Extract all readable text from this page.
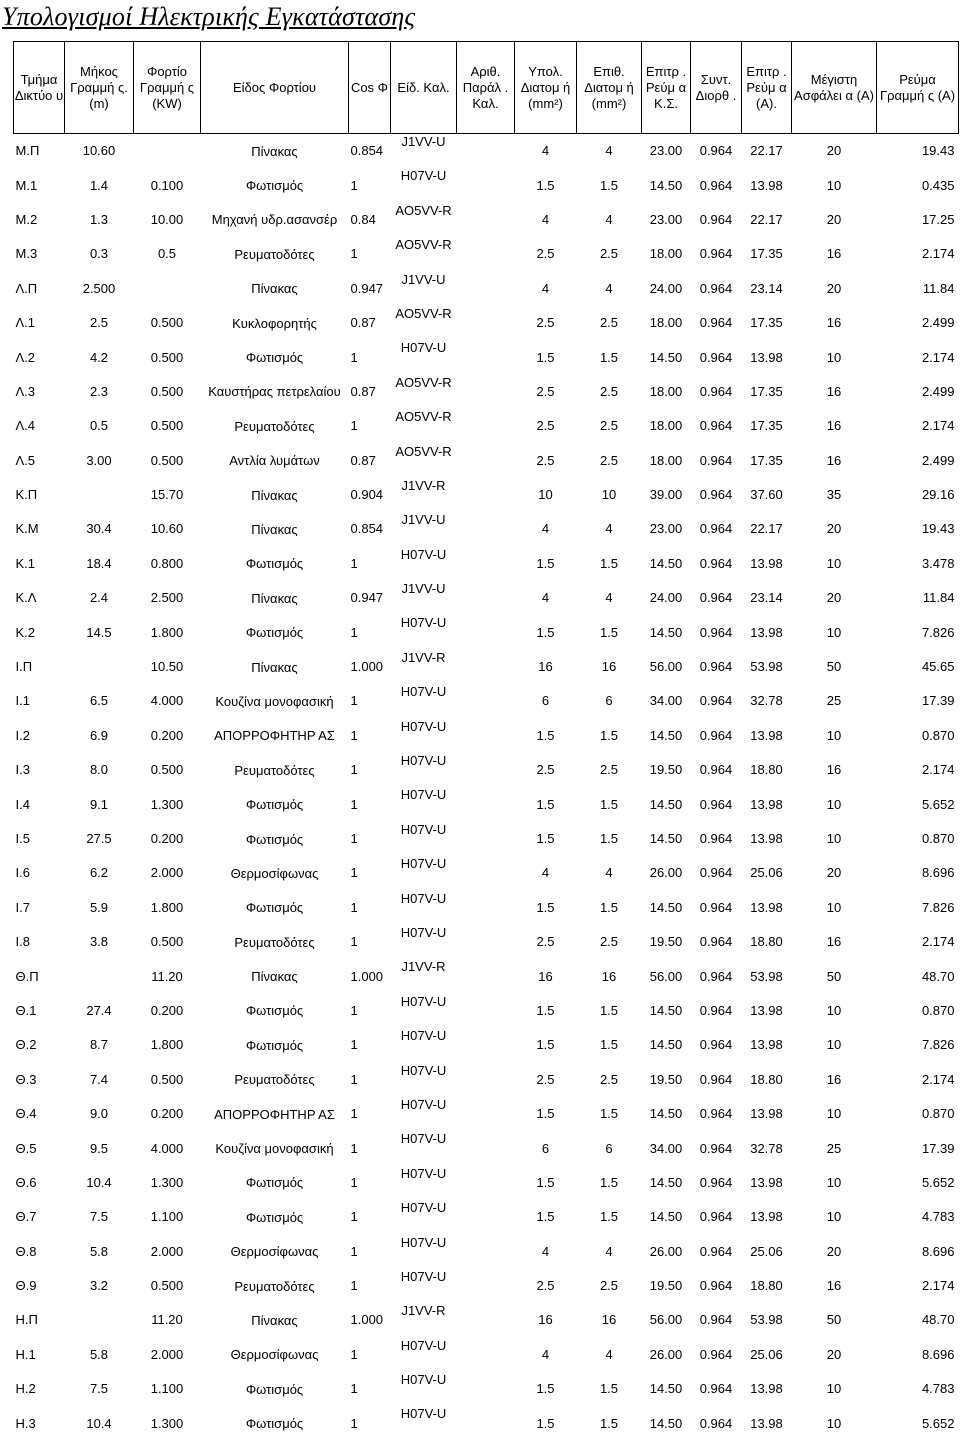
Υπολογισμοί Ηλεκτρικής Εγκατάστασης
Τμήμα Δικτύο υ	Μήκος Γραμμή ς. (m)	Φορτίο Γραμμή ς (KW)	Είδος Φορτίου	Cos Φ	Είδ. Καλ.	Αριθ. Παράλ . Καλ.	Υπολ. Διατομ ή (mm²)	Επιθ. Διατομ ή (mm²)	Επιτρ . Ρεύμ α Κ.Σ.	Συντ. Διορθ .	Επιτρ . Ρεύμ α (Α).	Μέγιστη Ασφάλει α (Α)	Ρεύμα Γραμμή ς (Α)
Μ.Π	10.60		Πίνακας	0.854	J1VV-U		4	4	23.00	0.964	22.17	20	19.43
Μ.1	1.4	0.100	Φωτισμός	1	H07V-U		1.5	1.5	14.50	0.964	13.98	10	0.435
Μ.2	1.3	10.00	Μηχανή υδρ.ασανσέρ	0.84	AO5VV-R		4	4	23.00	0.964	22.17	20	17.25
Μ.3	0.3	0.5	Ρευματοδότες	1	AO5VV-R		2.5	2.5	18.00	0.964	17.35	16	2.174
Λ.Π	2.500		Πίνακας	0.947	J1VV-U		4	4	24.00	0.964	23.14	20	11.84
Λ.1	2.5	0.500	Κυκλοφορητής	0.87	AO5VV-R		2.5	2.5	18.00	0.964	17.35	16	2.499
Λ.2	4.2	0.500	Φωτισμός	1	H07V-U		1.5	1.5	14.50	0.964	13.98	10	2.174
Λ.3	2.3	0.500	Καυστήρας πετρελαίου	0.87	AO5VV-R		2.5	2.5	18.00	0.964	17.35	16	2.499
Λ.4	0.5	0.500	Ρευματοδότες	1	AO5VV-R		2.5	2.5	18.00	0.964	17.35	16	2.174
Λ.5	3.00	0.500	Αντλία λυμάτων	0.87	AO5VV-R		2.5	2.5	18.00	0.964	17.35	16	2.499
Κ.Π		15.70	Πίνακας	0.904	J1VV-R		10	10	39.00	0.964	37.60	35	29.16
Κ.Μ	30.4	10.60	Πίνακας	0.854	J1VV-U		4	4	23.00	0.964	22.17	20	19.43
Κ.1	18.4	0.800	Φωτισμός	1	H07V-U		1.5	1.5	14.50	0.964	13.98	10	3.478
Κ.Λ	2.4	2.500	Πίνακας	0.947	J1VV-U		4	4	24.00	0.964	23.14	20	11.84
Κ.2	14.5	1.800	Φωτισμός	1	H07V-U		1.5	1.5	14.50	0.964	13.98	10	7.826
Ι.Π		10.50	Πίνακας	1.000	J1VV-R		16	16	56.00	0.964	53.98	50	45.65
Ι.1	6.5	4.000	Κουζίνα μονοφασική	1	H07V-U		6	6	34.00	0.964	32.78	25	17.39
Ι.2	6.9	0.200	ΑΠΟΡΡΟΦΗΤΗΡ ΑΣ	1	H07V-U		1.5	1.5	14.50	0.964	13.98	10	0.870
Ι.3	8.0	0.500	Ρευματοδότες	1	H07V-U		2.5	2.5	19.50	0.964	18.80	16	2.174
Ι.4	9.1	1.300	Φωτισμός	1	H07V-U		1.5	1.5	14.50	0.964	13.98	10	5.652
Ι.5	27.5	0.200	Φωτισμός	1	H07V-U		1.5	1.5	14.50	0.964	13.98	10	0.870
Ι.6	6.2	2.000	Θερμοσίφωνας	1	H07V-U		4	4	26.00	0.964	25.06	20	8.696
Ι.7	5.9	1.800	Φωτισμός	1	H07V-U		1.5	1.5	14.50	0.964	13.98	10	7.826
Ι.8	3.8	0.500	Ρευματοδότες	1	H07V-U		2.5	2.5	19.50	0.964	18.80	16	2.174
Θ.Π		11.20	Πίνακας	1.000	J1VV-R		16	16	56.00	0.964	53.98	50	48.70
Θ.1	27.4	0.200	Φωτισμός	1	H07V-U		1.5	1.5	14.50	0.964	13.98	10	0.870
Θ.2	8.7	1.800	Φωτισμός	1	H07V-U		1.5	1.5	14.50	0.964	13.98	10	7.826
Θ.3	7.4	0.500	Ρευματοδότες	1	H07V-U		2.5	2.5	19.50	0.964	18.80	16	2.174
Θ.4	9.0	0.200	ΑΠΟΡΡΟΦΗΤΗΡ ΑΣ	1	H07V-U		1.5	1.5	14.50	0.964	13.98	10	0.870
Θ.5	9.5	4.000	Κουζίνα μονοφασική	1	H07V-U		6	6	34.00	0.964	32.78	25	17.39
Θ.6	10.4	1.300	Φωτισμός	1	H07V-U		1.5	1.5	14.50	0.964	13.98	10	5.652
Θ.7	7.5	1.100	Φωτισμός	1	H07V-U		1.5	1.5	14.50	0.964	13.98	10	4.783
Θ.8	5.8	2.000	Θερμοσίφωνας	1	H07V-U		4	4	26.00	0.964	25.06	20	8.696
Θ.9	3.2	0.500	Ρευματοδότες	1	H07V-U		2.5	2.5	19.50	0.964	18.80	16	2.174
Η.Π		11.20	Πίνακας	1.000	J1VV-R		16	16	56.00	0.964	53.98	50	48.70
Η.1	5.8	2.000	Θερμοσίφωνας	1	H07V-U		4	4	26.00	0.964	25.06	20	8.696
Η.2	7.5	1.100	Φωτισμός	1	H07V-U		1.5	1.5	14.50	0.964	13.98	10	4.783
Η.3	10.4	1.300	Φωτισμός	1	H07V-U		1.5	1.5	14.50	0.964	13.98	10	5.652
